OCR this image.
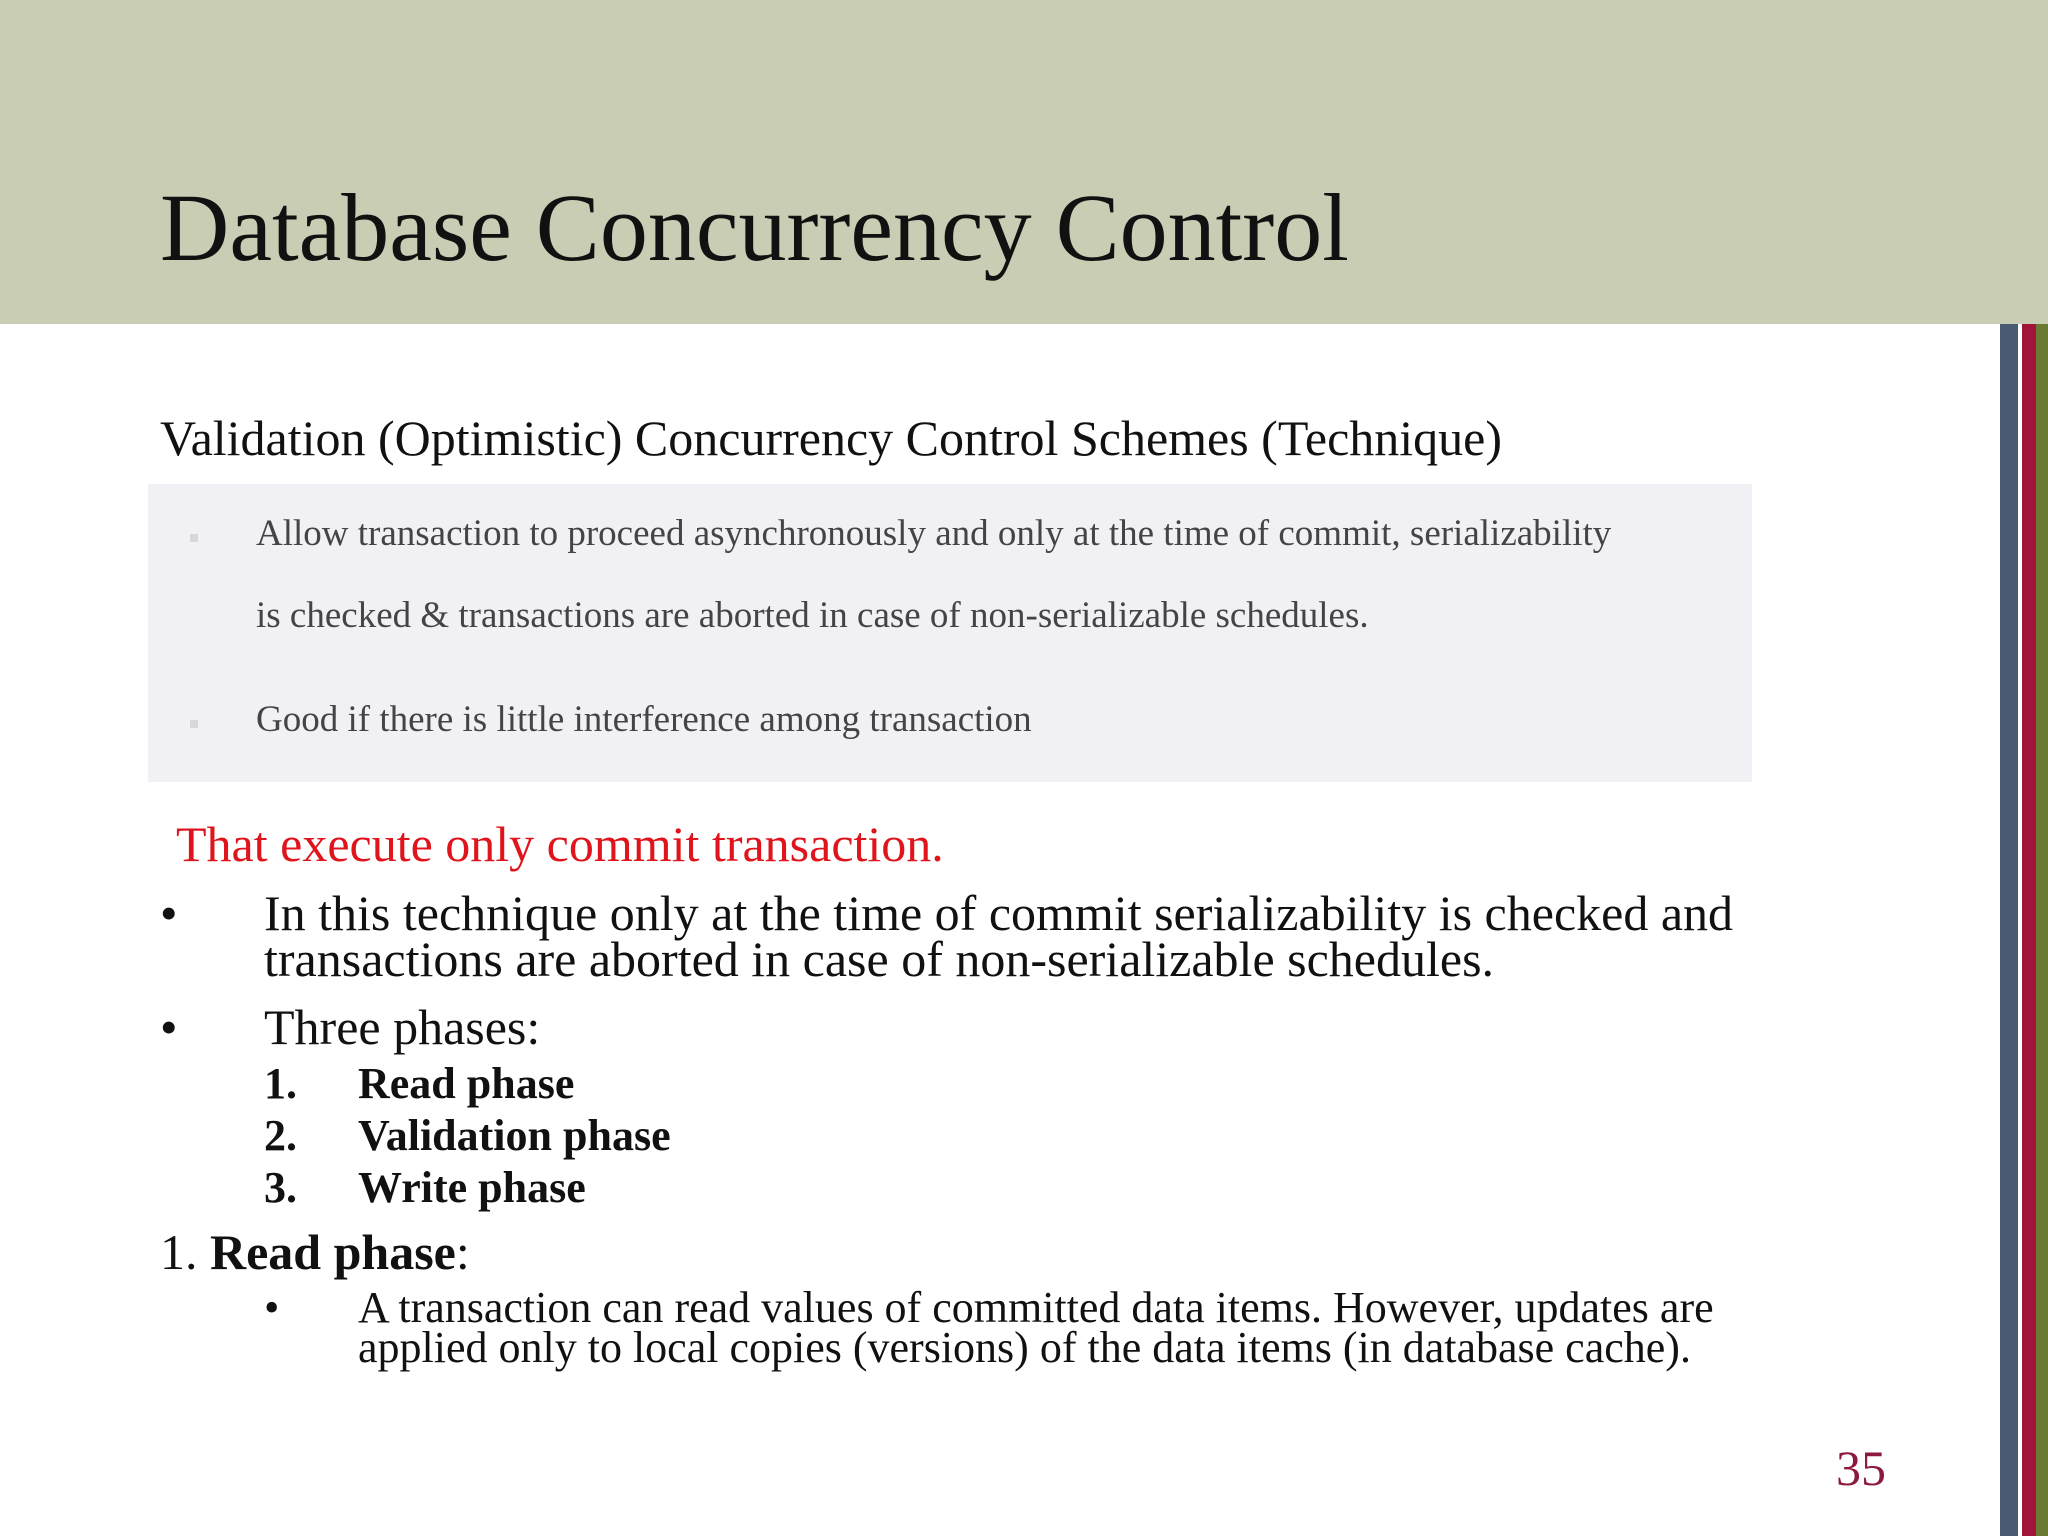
Database Concurrency Control
Validation (Optimistic) Concurrency Control Schemes (Technique)
Allow transaction to proceed asynchronously and only at the time of commit, serializability
is checked & transactions are aborted in case of non-serializable schedules.
Good if there is little interference among transaction
That execute only commit transaction.
• In this technique only at the time of commit serializability is checked and
transactions are aborted in case of non-serializable schedules.
• Three phases:
1. Read phase
2. Validation phase
3. Write phase
1. Read phase:
• A transaction can read values of committed data items. However, updates are
applied only to local copies (versions) of the data items (in database cache).
35
